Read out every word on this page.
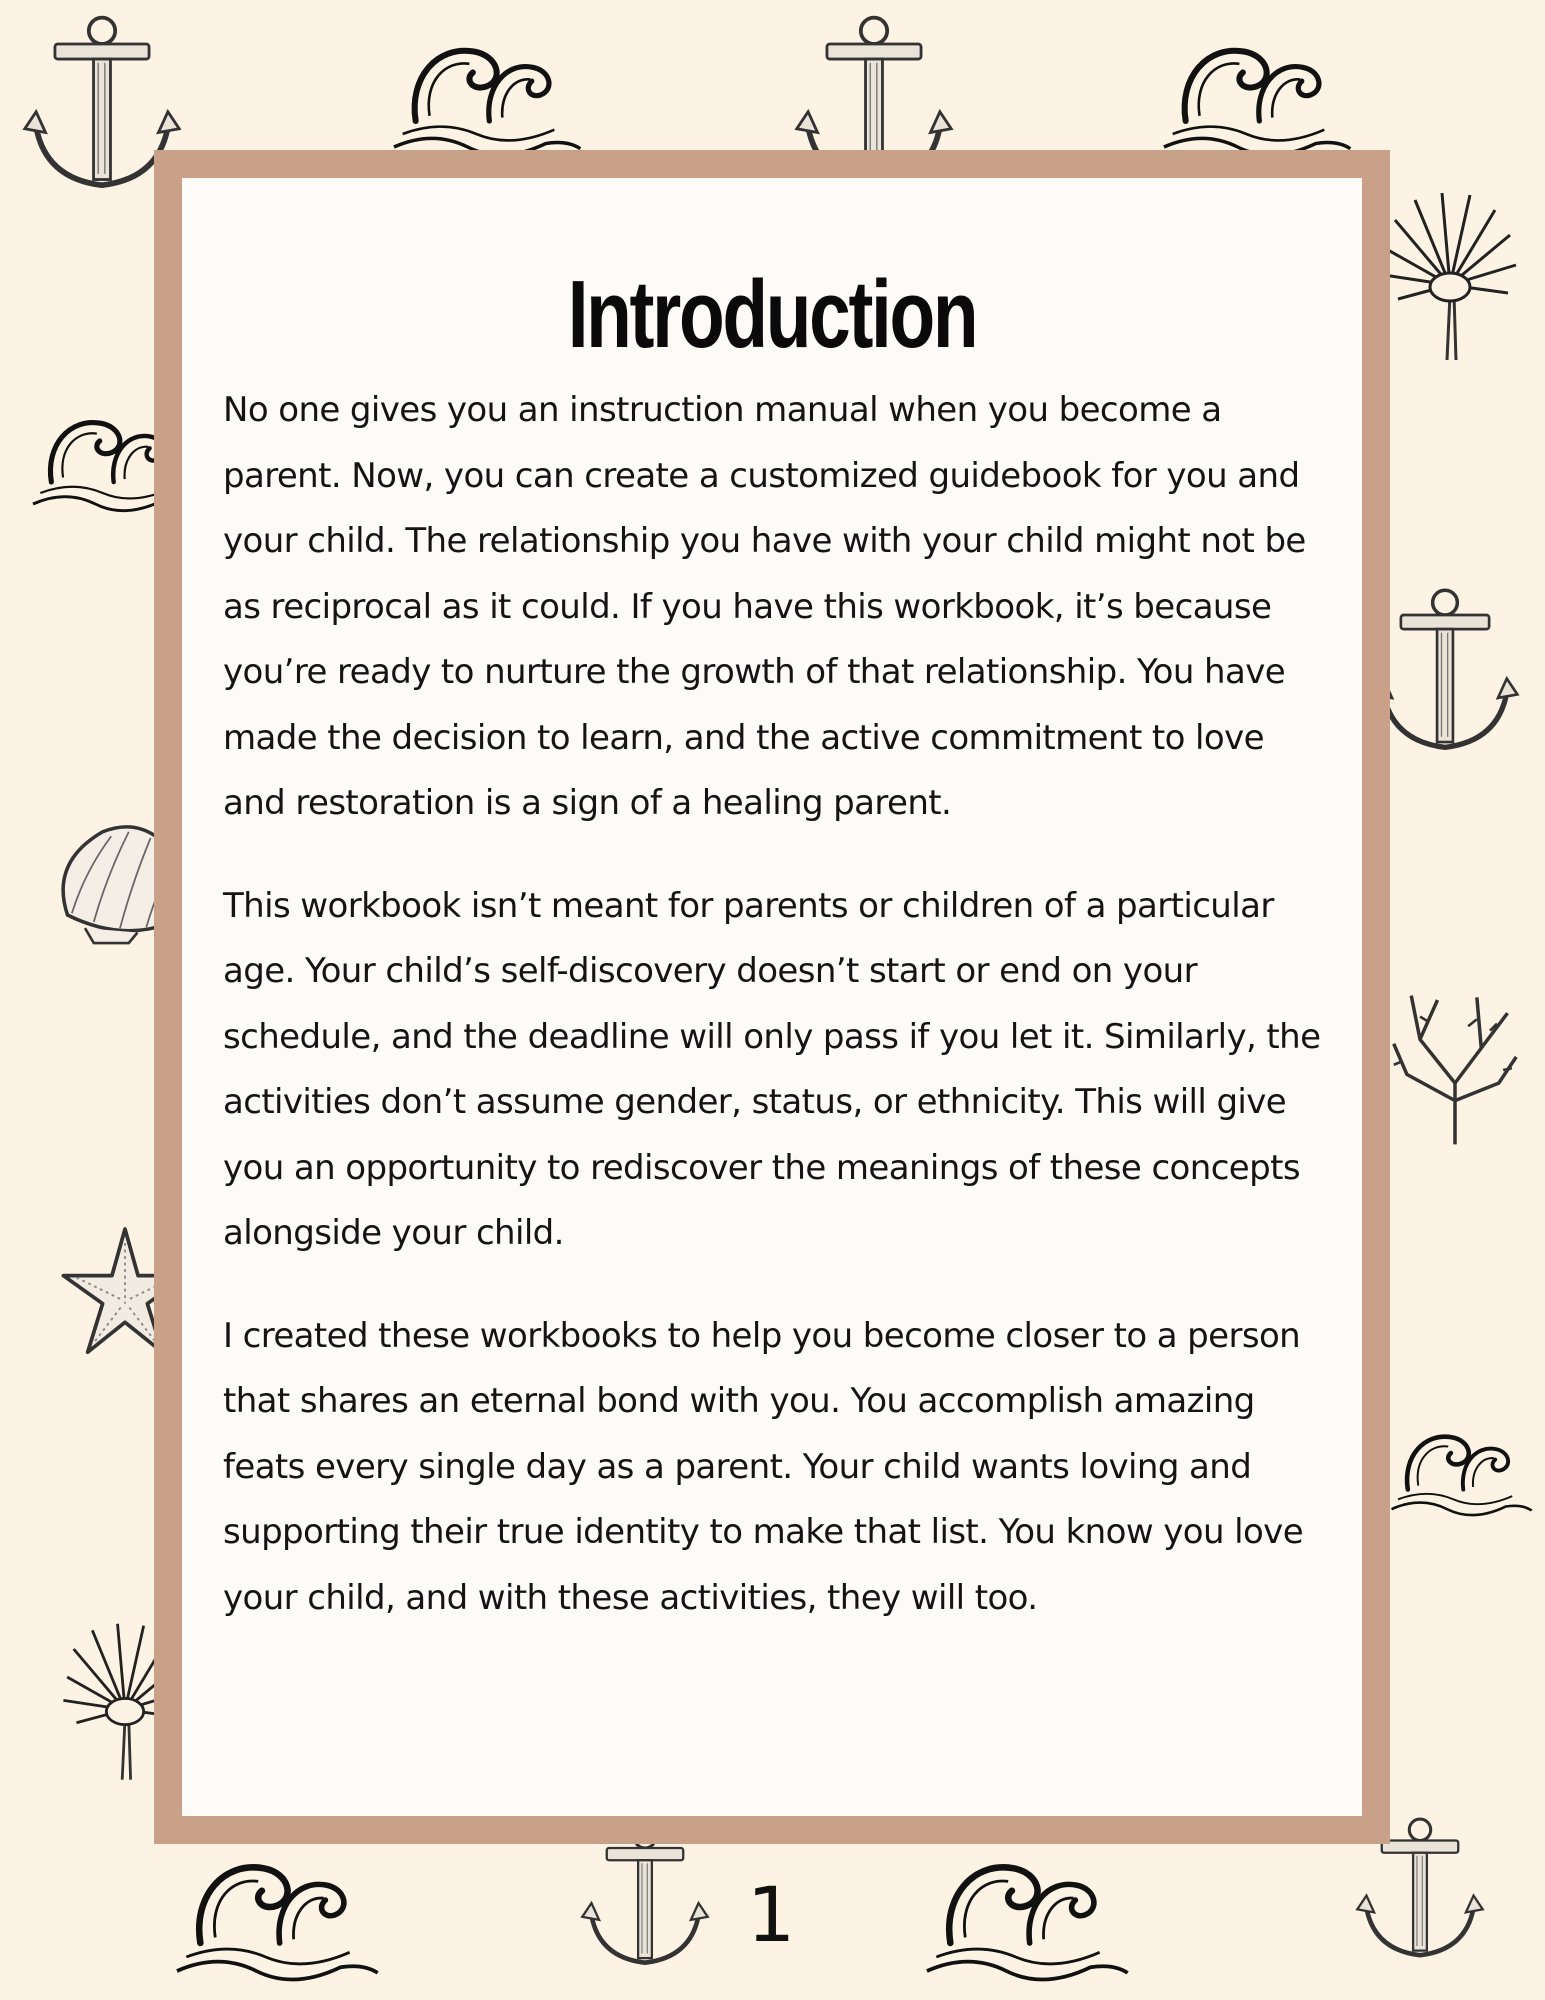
Introduction

No one gives you an instruction manual when you become a parent. Now, you can create a customized guidebook for you and your child. The relationship you have with your child might not be as reciprocal as it could. If you have this workbook, it’s because you’re ready to nurture the growth of that relationship. You have made the decision to learn, and the active commitment to love and restoration is a sign of a healing parent.

This workbook isn’t meant for parents or children of a particular age. Your child’s self-discovery doesn’t start or end on your schedule, and the deadline will only pass if you let it. Similarly, the activities don’t assume gender, status, or ethnicity. This will give you an opportunity to rediscover the meanings of these concepts alongside your child.

I created these workbooks to help you become closer to a person that shares an eternal bond with you. You accomplish amazing feats every single day as a parent. Your child wants loving and supporting their true identity to make that list. You know you love your child, and with these activities, they will too.

1
